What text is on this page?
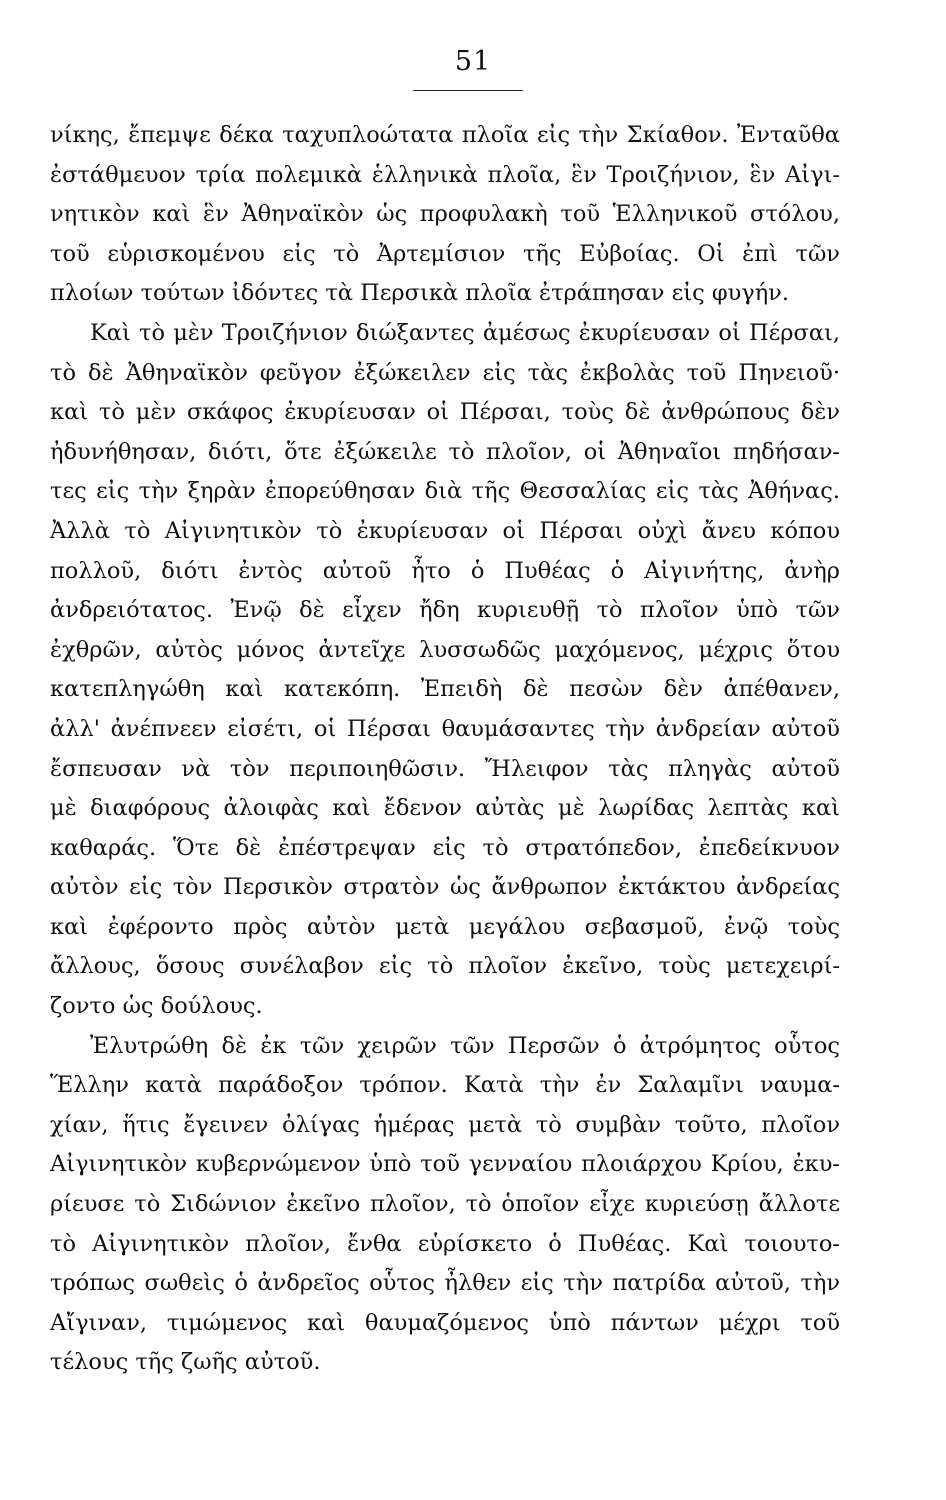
51
νίκης, ἔπεμψε δέκα ταχυπλοώτατα πλοῖα εἰς τὴν Σκίαθον. Ἐνταῦθα
ἐστάθμευον τρία πολεμικὰ ἑλληνικὰ πλοῖα, ἓν Τροιζήνιον, ἓν Αἰγι-
νητικὸν καὶ ἓν Ἀθηναϊκὸν ὡς προφυλακὴ τοῦ Ἑλληνικοῦ στόλου,
τοῦ εὑρισκομένου εἰς τὸ Ἀρτεμίσιον τῆς Εὐβοίας. Οἱ ἐπὶ τῶν
πλοίων τούτων ἰδόντες τὰ Περσικὰ πλοῖα ἐτράπησαν εἰς φυγήν.
Καὶ τὸ μὲν Τροιζήνιον διώξαντες ἀμέσως ἐκυρίευσαν οἱ Πέρσαι,
τὸ δὲ Ἀθηναϊκὸν φεῦγον ἐξώκειλεν εἰς τὰς ἐκβολὰς τοῦ Πηνειοῦ·
καὶ τὸ μὲν σκάφος ἐκυρίευσαν οἱ Πέρσαι, τοὺς δὲ ἀνθρώπους δὲν
ἠδυνήθησαν, διότι, ὅτε ἐξώκειλε τὸ πλοῖον, οἱ Ἀθηναῖοι πηδήσαν-
τες εἰς τὴν ξηρὰν ἐπορεύθησαν διὰ τῆς Θεσσαλίας εἰς τὰς Ἀθήνας.
Ἀλλὰ τὸ Αἰγινητικὸν τὸ ἐκυρίευσαν οἱ Πέρσαι οὐχὶ ἄνευ κόπου
πολλοῦ, διότι ἐντὸς αὐτοῦ ἦτο ὁ Πυθέας ὁ Αἰγινήτης, ἀνὴρ
ἀνδρειότατος. Ἐνῷ δὲ εἶχεν ἤδη κυριευθῇ τὸ πλοῖον ὑπὸ τῶν
ἐχθρῶν, αὐτὸς μόνος ἀντεῖχε λυσσωδῶς μαχόμενος, μέχρις ὅτου
κατεπληγώθη καὶ κατεκόπη. Ἐπειδὴ δὲ πεσὼν δὲν ἀπέθανεν,
ἀλλ' ἀνέπνεεν εἰσέτι, οἱ Πέρσαι θαυμάσαντες τὴν ἀνδρείαν αὐτοῦ
ἔσπευσαν νὰ τὸν περιποιηθῶσιν. Ἤλειφον τὰς πληγὰς αὐτοῦ
μὲ διαφόρους ἀλοιφὰς καὶ ἔδενον αὐτὰς μὲ λωρίδας λεπτὰς καὶ
καθαράς. Ὅτε δὲ ἐπέστρεψαν εἰς τὸ στρατόπεδον, ἐπεδείκνυον
αὐτὸν εἰς τὸν Περσικὸν στρατὸν ὡς ἄνθρωπον ἐκτάκτου ἀνδρείας
καὶ ἐφέροντο πρὸς αὐτὸν μετὰ μεγάλου σεβασμοῦ, ἐνῷ τοὺς
ἄλλους, ὅσους συνέλαβον εἰς τὸ πλοῖον ἐκεῖνο, τοὺς μετεχειρί-
ζοντο ὡς δούλους.
Ἐλυτρώθη δὲ ἐκ τῶν χειρῶν τῶν Περσῶν ὁ ἀτρόμητος οὗτος
Ἕλλην κατὰ παράδοξον τρόπον. Κατὰ τὴν ἐν Σαλαμῖνι ναυμα-
χίαν, ἥτις ἔγεινεν ὀλίγας ἡμέρας μετὰ τὸ συμβὰν τοῦτο, πλοῖον
Αἰγινητικὸν κυβερνώμενον ὑπὸ τοῦ γενναίου πλοιάρχου Κρίου, ἐκυ-
ρίευσε τὸ Σιδώνιον ἐκεῖνο πλοῖον, τὸ ὁποῖον εἶχε κυριεύσῃ ἄλλοτε
τὸ Αἰγινητικὸν πλοῖον, ἔνθα εὑρίσκετο ὁ Πυθέας. Καὶ τοιουτο-
τρόπως σωθεὶς ὁ ἀνδρεῖος οὗτος ἦλθεν εἰς τὴν πατρίδα αὐτοῦ, τὴν
Αἴγιναν, τιμώμενος καὶ θαυμαζόμενος ὑπὸ πάντων μέχρι τοῦ
τέλους τῆς ζωῆς αὐτοῦ.
